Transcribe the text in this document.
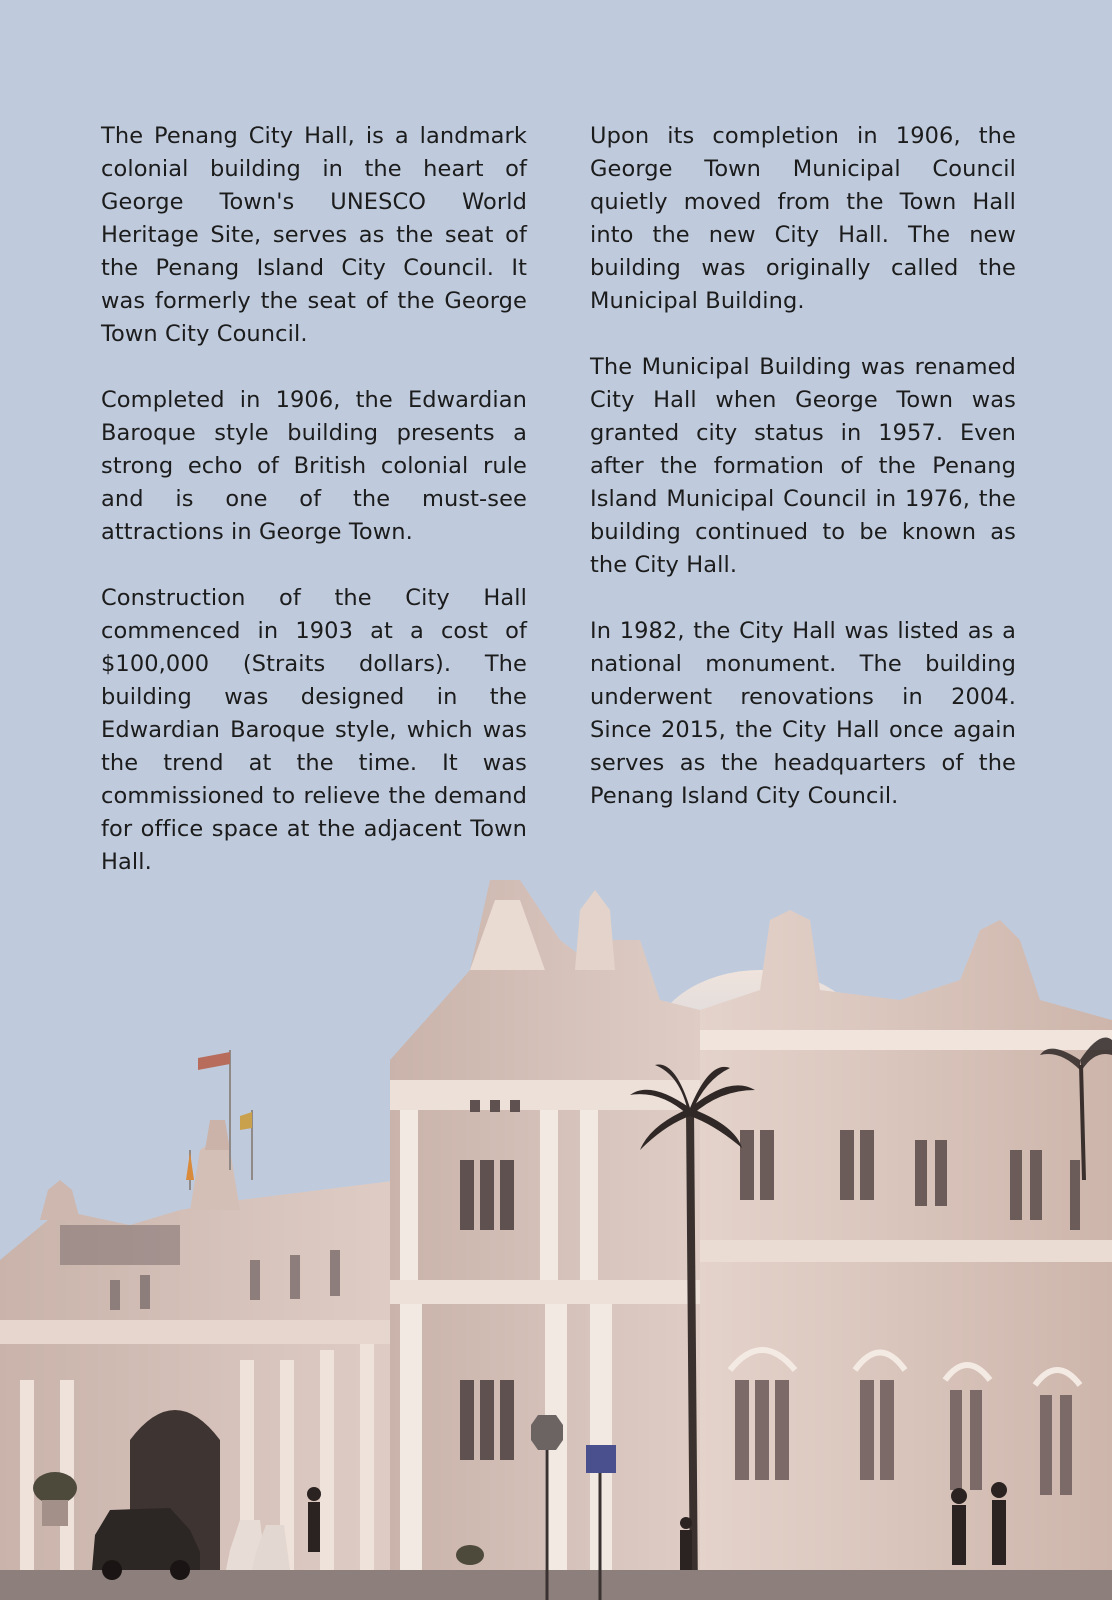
The Penang City Hall, is a landmark colonial building in the heart of George Town's UNESCO World Heritage Site, serves as the seat of the Penang Island City Council. It was formerly the seat of the George Town City Council.

Completed in 1906, the Edwardian Baroque style building presents a strong echo of British colonial rule and is one of the must-see attractions in George Town.

Construction of the City Hall commenced in 1903 at a cost of $100,000 (Straits dollars). The building was designed in the Edwardian Baroque style, which was the trend at the time. It was commissioned to relieve the demand for office space at the adjacent Town Hall.

Upon its completion in 1906, the George Town Municipal Council quietly moved from the Town Hall into the new City Hall. The new building was originally called the Municipal Building.

The Municipal Building was renamed City Hall when George Town was granted city status in 1957. Even after the formation of the Penang Island Municipal Council in 1976, the building continued to be known as the City Hall.

In 1982, the City Hall was listed as a national monument. The building underwent renovations in 2004. Since 2015, the City Hall once again serves as the headquarters of the Penang Island City Council.
